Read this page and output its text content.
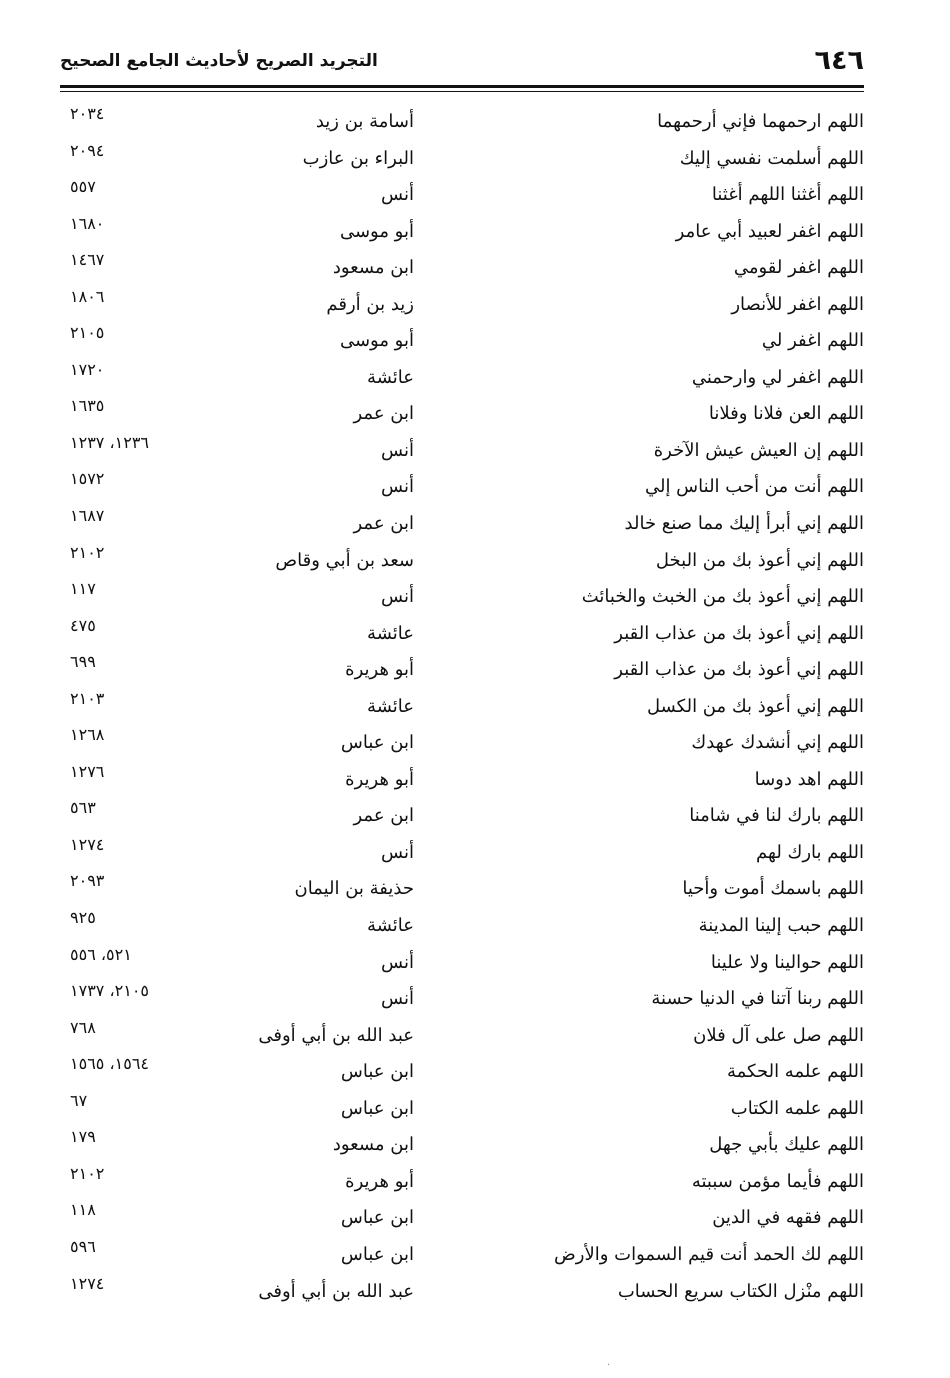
٦٤٦
التجريد الصريح لأحاديث الجامع الصحيح
اللهم ارحمهما فإني أرحمهما
أسامة بن زيد
٢٠٣٤
اللهم أسلمت نفسي إليك
البراء بن عازب
٢٠٩٤
اللهم أغثنا اللهم أغثنا
أنس
٥٥٧
اللهم اغفر لعبيد أبي عامر
أبو موسى
١٦٨٠
اللهم اغفر لقومي
ابن مسعود
١٤٦٧
اللهم اغفر للأنصار
زيد بن أرقم
١٨٠٦
اللهم اغفر لي
أبو موسى
٢١٠٥
اللهم اغفر لي وارحمني
عائشة
١٧٢٠
اللهم العن فلانا وفلانا
ابن عمر
١٦٣٥
اللهم إن العيش عيش الآخرة
أنس
١٢٣٦، ١٢٣٧
اللهم أنت من أحب الناس إلي
أنس
١٥٧٢
اللهم إني أبرأ إليك مما صنع خالد
ابن عمر
١٦٨٧
اللهم إني أعوذ بك من البخل
سعد بن أبي وقاص
٢١٠٢
اللهم إني أعوذ بك من الخبث والخبائث
أنس
١١٧
اللهم إني أعوذ بك من عذاب القبر
عائشة
٤٧٥
اللهم إني أعوذ بك من عذاب القبر
أبو هريرة
٦٩٩
اللهم إني أعوذ بك من الكسل
عائشة
٢١٠٣
اللهم إني أنشدك عهدك
ابن عباس
١٢٦٨
اللهم اهد دوسا
أبو هريرة
١٢٧٦
اللهم بارك لنا في شامنا
ابن عمر
٥٦٣
اللهم بارك لهم
أنس
١٢٧٤
اللهم باسمك أموت وأحيا
حذيفة بن اليمان
٢٠٩٣
اللهم حبب إلينا المدينة
عائشة
٩٢٥
اللهم حوالينا ولا علينا
أنس
٥٢١، ٥٥٦
اللهم ربنا آتنا في الدنيا حسنة
أنس
٢١٠٥، ١٧٣٧
اللهم صل على آل فلان
عبد الله بن أبي أوفى
٧٦٨
اللهم علمه الحكمة
ابن عباس
١٥٦٤، ١٥٦٥
اللهم علمه الكتاب
ابن عباس
٦٧
اللهم عليك بأبي جهل
ابن مسعود
١٧٩
اللهم فأيما مؤمن سببته
أبو هريرة
٢١٠٢
اللهم فقهه في الدين
ابن عباس
١١٨
اللهم لك الحمد أنت قيم السموات والأرض
ابن عباس
٥٩٦
اللهم منْزل الكتاب سريع الحساب
عبد الله بن أبي أوفى
١٢٧٤
·
